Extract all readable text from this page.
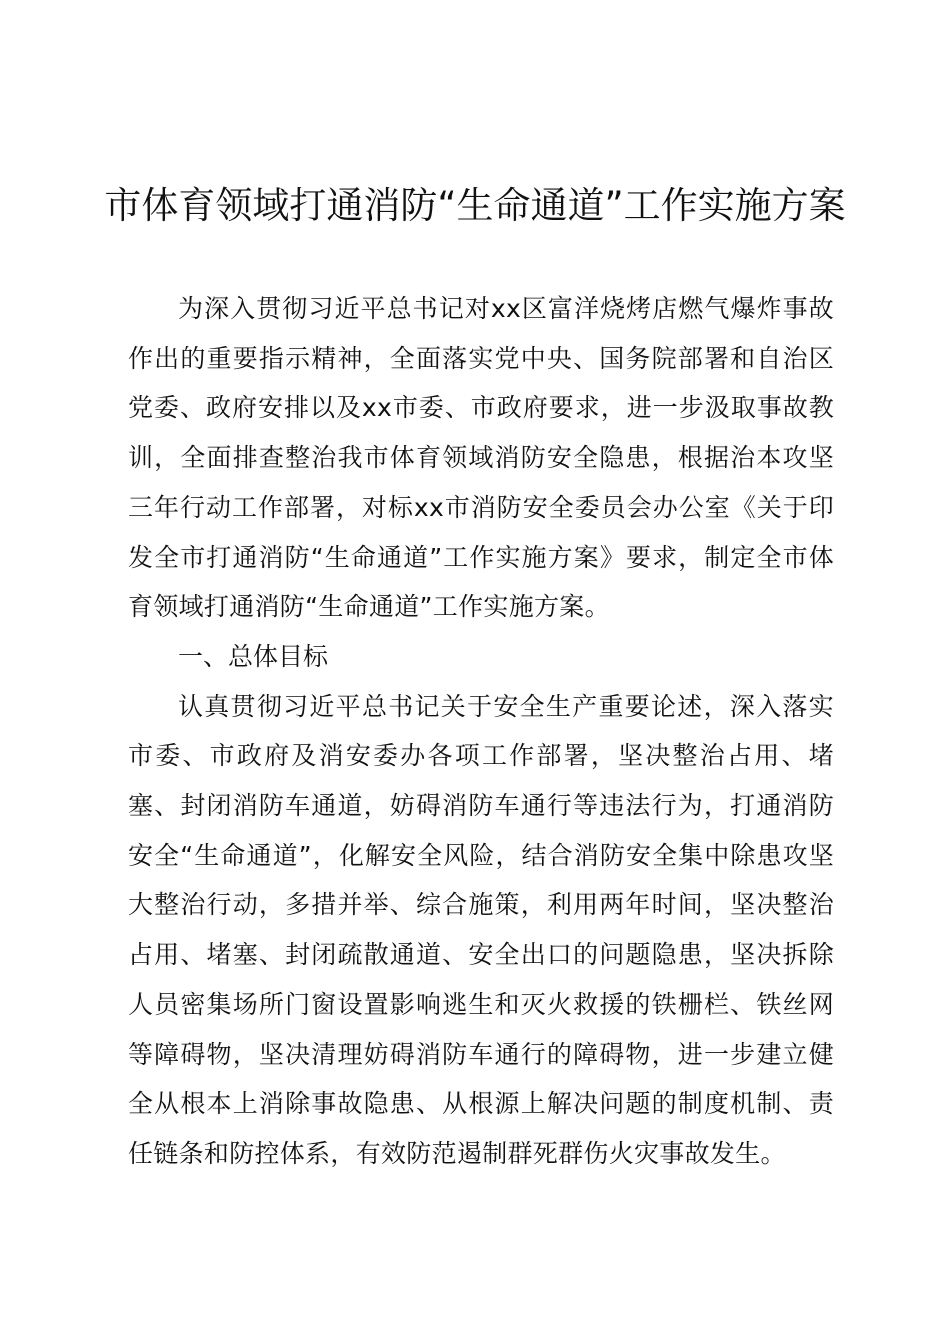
市体育领域打通消防“生命通道”工作实施方案

为深入贯彻习近平总书记对xx区富洋烧烤店燃气爆炸事故作出的重要指示精神，全面落实党中央、国务院部署和自治区党委、政府安排以及xx市委、市政府要求，进一步汲取事故教训，全面排查整治我市体育领域消防安全隐患，根据治本攻坚三年行动工作部署，对标xx市消防安全委员会办公室《关于印发全市打通消防“生命通道”工作实施方案》要求，制定全市体育领域打通消防“生命通道”工作实施方案。

一、总体目标

认真贯彻习近平总书记关于安全生产重要论述，深入落实市委、市政府及消安委办各项工作部署，坚决整治占用、堵塞、封闭消防车通道，妨碍消防车通行等违法行为，打通消防安全“生命通道”，化解安全风险，结合消防安全集中除患攻坚大整治行动，多措并举、综合施策，利用两年时间，坚决整治占用、堵塞、封闭疏散通道、安全出口的问题隐患，坚决拆除人员密集场所门窗设置影响逃生和灭火救援的铁栅栏、铁丝网等障碍物，坚决清理妨碍消防车通行的障碍物，进一步建立健全从根本上消除事故隐患、从根源上解决问题的制度机制、责任链条和防控体系，有效防范遏制群死群伤火灾事故发生。
